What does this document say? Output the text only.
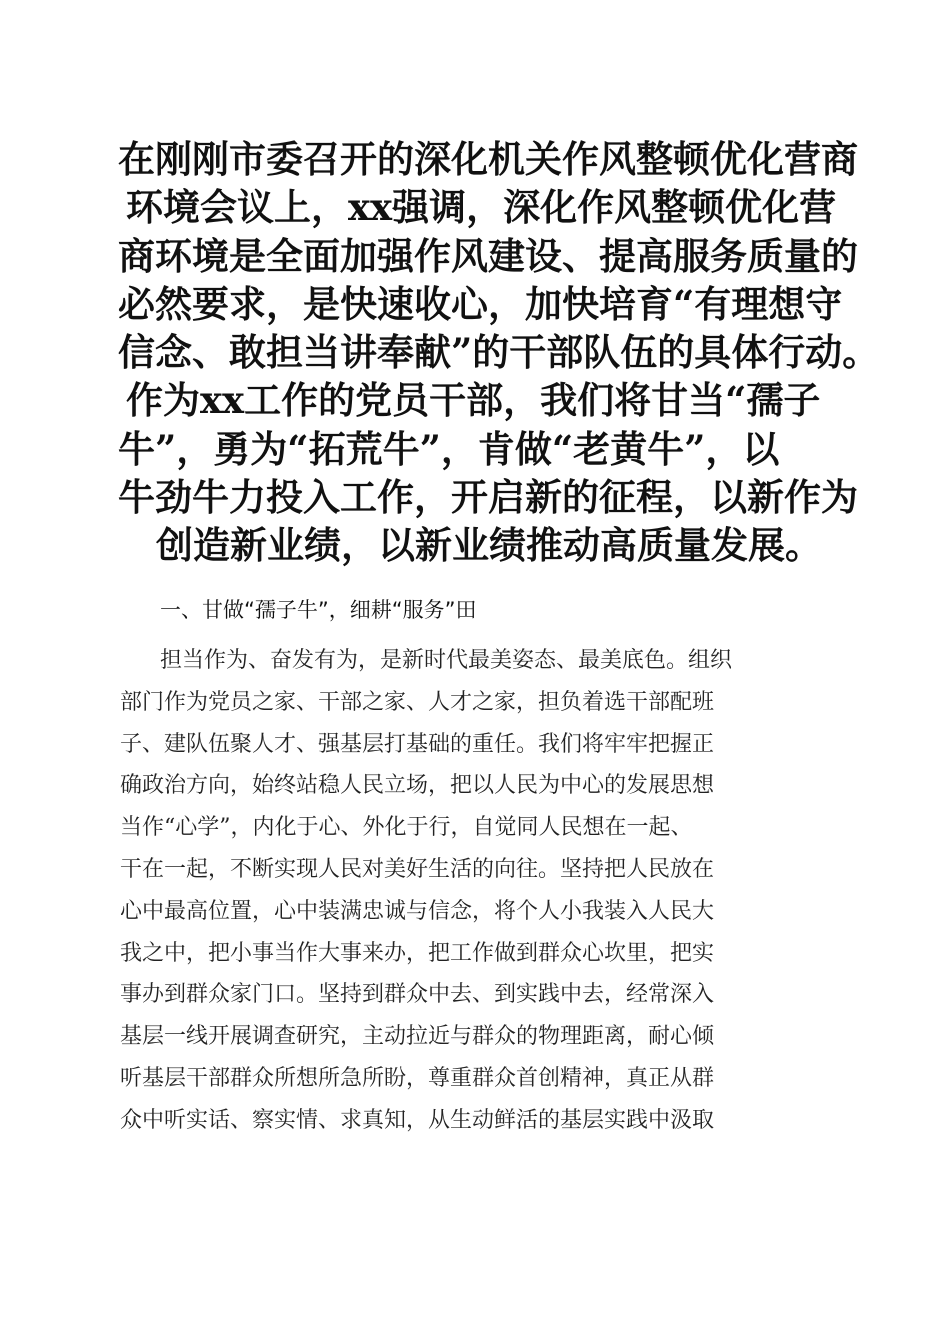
在刚刚市委召开的深化机关作风整顿优化营商
环境会议上，xx强调，深化作风整顿优化营
商环境是全面加强作风建设、提高服务质量的
必然要求，是快速收心，加快培育“有理想守
信念、敢担当讲奉献”的干部队伍的具体行动。
作为xx工作的党员干部，我们将甘当“孺子
牛”，勇为“拓荒牛”，肯做“老黄牛”，以
牛劲牛力投入工作，开启新的征程，以新作为
创造新业绩，以新业绩推动高质量发展。
一、甘做“孺子牛”，细耕“服务”田
担当作为、奋发有为，是新时代最美姿态、最美底色。组织
部门作为党员之家、干部之家、人才之家，担负着选干部配班
子、建队伍聚人才、强基层打基础的重任。我们将牢牢把握正
确政治方向，始终站稳人民立场，把以人民为中心的发展思想
当作“心学”，内化于心、外化于行，自觉同人民想在一起、
干在一起，不断实现人民对美好生活的向往。坚持把人民放在
心中最高位置，心中装满忠诚与信念，将个人小我装入人民大
我之中，把小事当作大事来办，把工作做到群众心坎里，把实
事办到群众家门口。坚持到群众中去、到实践中去，经常深入
基层一线开展调查研究，主动拉近与群众的物理距离，耐心倾
听基层干部群众所想所急所盼，尊重群众首创精神，真正从群
众中听实话、察实情、求真知，从生动鲜活的基层实践中汲取
